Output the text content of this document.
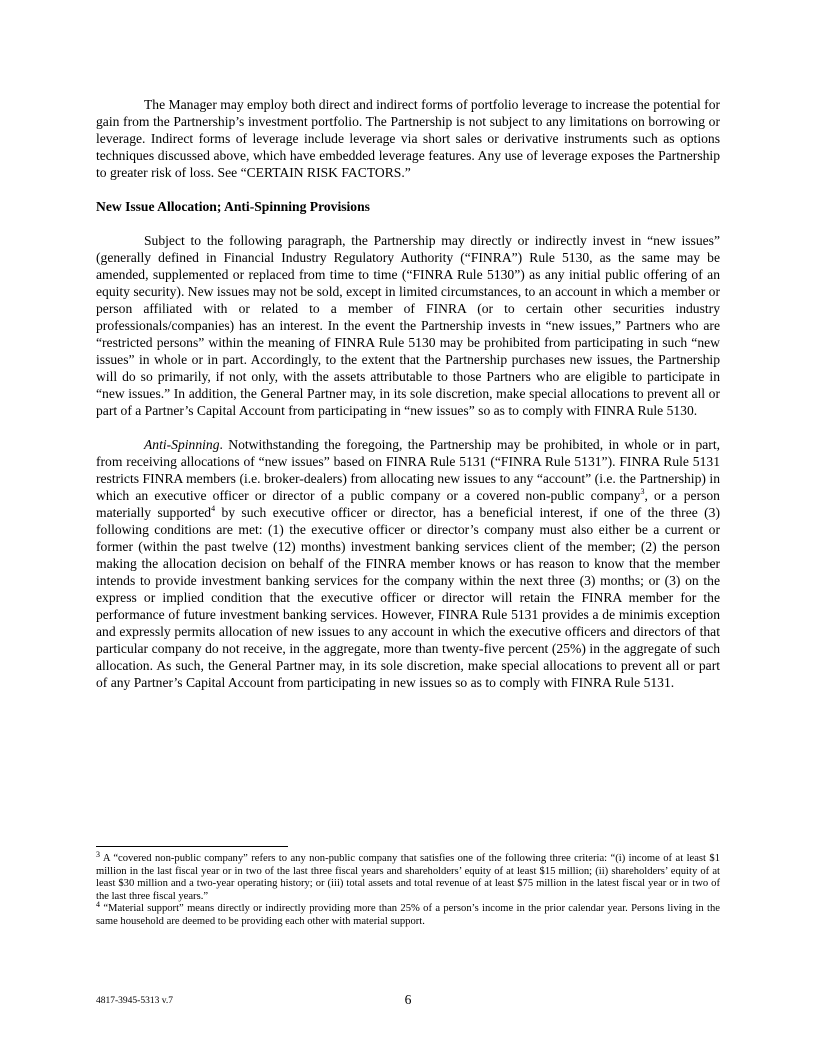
The Manager may employ both direct and indirect forms of portfolio leverage to increase the potential for gain from the Partnership’s investment portfolio. The Partnership is not subject to any limitations on borrowing or leverage. Indirect forms of leverage include leverage via short sales or derivative instruments such as options techniques discussed above, which have embedded leverage features. Any use of leverage exposes the Partnership to greater risk of loss. See “CERTAIN RISK FACTORS.”

New Issue Allocation; Anti-Spinning Provisions

Subject to the following paragraph, the Partnership may directly or indirectly invest in “new issues” (generally defined in Financial Industry Regulatory Authority (“FINRA”) Rule 5130, as the same may be amended, supplemented or replaced from time to time (“FINRA Rule 5130”) as any initial public offering of an equity security). New issues may not be sold, except in limited circumstances, to an account in which a member or person affiliated with or related to a member of FINRA (or to certain other securities industry professionals/companies) has an interest. In the event the Partnership invests in “new issues,” Partners who are “restricted persons” within the meaning of FINRA Rule 5130 may be prohibited from participating in such “new issues” in whole or in part. Accordingly, to the extent that the Partnership purchases new issues, the Partnership will do so primarily, if not only, with the assets attributable to those Partners who are eligible to participate in “new issues.” In addition, the General Partner may, in its sole discretion, make special allocations to prevent all or part of a Partner’s Capital Account from participating in “new issues” so as to comply with FINRA Rule 5130.

Anti-Spinning. Notwithstanding the foregoing, the Partnership may be prohibited, in whole or in part, from receiving allocations of “new issues” based on FINRA Rule 5131 (“FINRA Rule 5131”). FINRA Rule 5131 restricts FINRA members (i.e. broker-dealers) from allocating new issues to any “account” (i.e. the Partnership) in which an executive officer or director of a public company or a covered non-public company$^3$, or a person materially supported$^4$ by such executive officer or director, has a beneficial interest, if one of the three (3) following conditions are met: (1) the executive officer or director’s company must also either be a current or former (within the past twelve (12) months) investment banking services client of the member; (2) the person making the allocation decision on behalf of the FINRA member knows or has reason to know that the member intends to provide investment banking services for the company within the next three (3) months; or (3) on the express or implied condition that the executive officer or director will retain the FINRA member for the performance of future investment banking services. However, FINRA Rule 5131 provides a de minimis exception and expressly permits allocation of new issues to any account in which the executive officers and directors of that particular company do not receive, in the aggregate, more than twenty-five percent (25%) in the aggregate of such allocation. As such, the General Partner may, in its sole discretion, make special allocations to prevent all or part of any Partner’s Capital Account from participating in new issues so as to comply with FINRA Rule 5131.

$^3$ A “covered non-public company” refers to any non-public company that satisfies one of the following three criteria: “(i) income of at least $1 million in the last fiscal year or in two of the last three fiscal years and shareholders’ equity of at least $15 million; (ii) shareholders’ equity of at least $30 million and a two-year operating history; or (iii) total assets and total revenue of at least $75 million in the latest fiscal year or in two of the last three fiscal years.”

$^4$ “Material support” means directly or indirectly providing more than 25% of a person’s income in the prior calendar year. Persons living in the same household are deemed to be providing each other with material support.

4817-3945-5313 v.7	6
